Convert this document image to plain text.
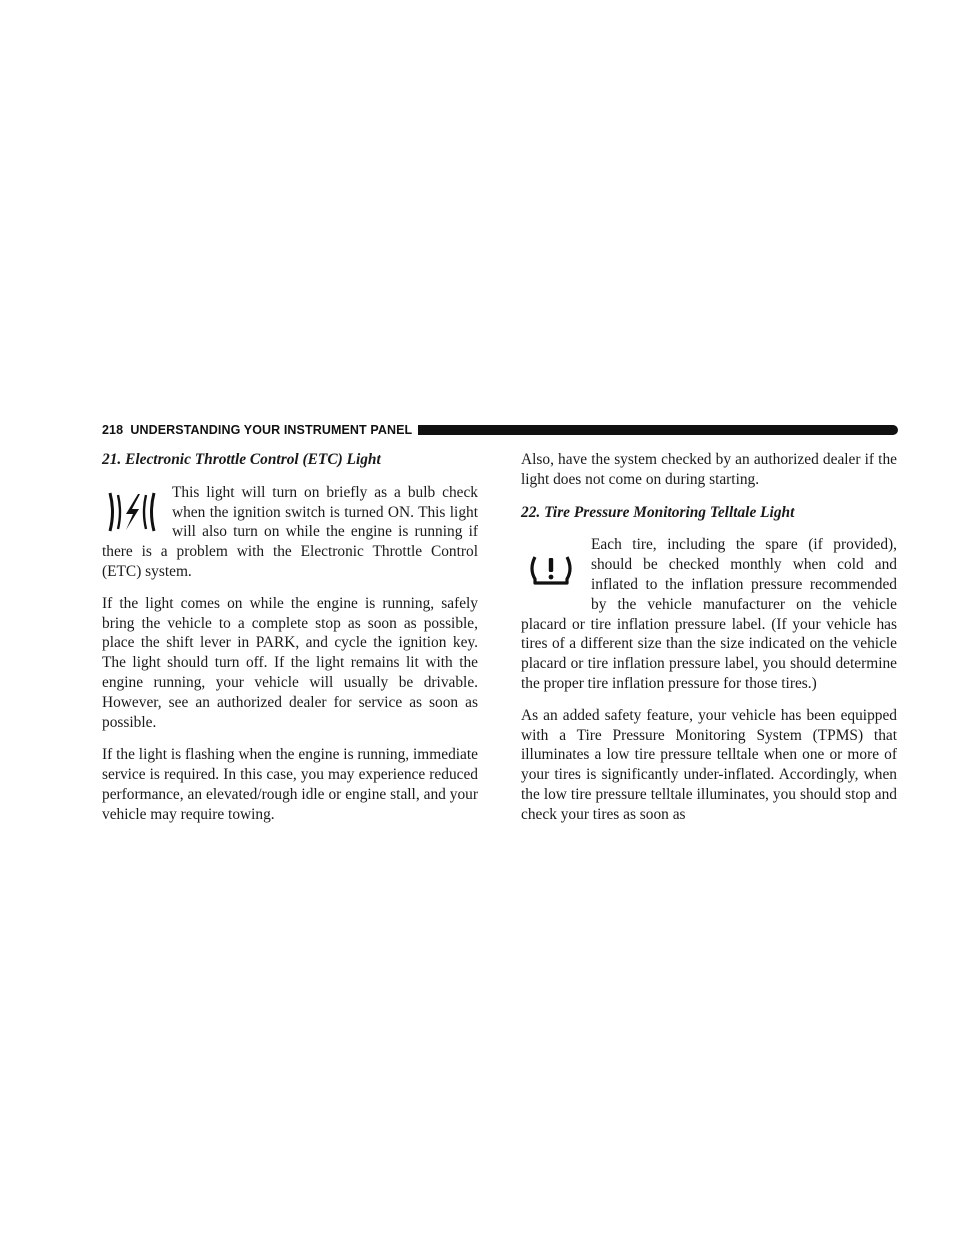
218 UNDERSTANDING YOUR INSTRUMENT PANEL

21. Electronic Throttle Control (ETC) Light

This light will turn on briefly as a bulb check when the ignition switch is turned ON. This light will also turn on while the engine is running if there is a problem with the Electronic Throttle Control (ETC) system.

If the light comes on while the engine is running, safely bring the vehicle to a complete stop as soon as possible, place the shift lever in PARK, and cycle the ignition key. The light should turn off. If the light remains lit with the engine running, your vehicle will usually be drivable. However, see an authorized dealer for service as soon as possible.

If the light is flashing when the engine is running, immediate service is required. In this case, you may experience reduced performance, an elevated/rough idle or engine stall, and your vehicle may require towing.

Also, have the system checked by an authorized dealer if the light does not come on during starting.

22. Tire Pressure Monitoring Telltale Light

Each tire, including the spare (if provided), should be checked monthly when cold and inflated to the inflation pressure recommended by the vehicle manufacturer on the vehicle placard or tire inflation pressure label. (If your vehicle has tires of a different size than the size indicated on the vehicle placard or tire inflation pressure label, you should determine the proper tire inflation pressure for those tires.)

As an added safety feature, your vehicle has been equipped with a Tire Pressure Monitoring System (TPMS) that illuminates a low tire pressure telltale when one or more of your tires is significantly under-inflated. Accordingly, when the low tire pressure telltale illuminates, you should stop and check your tires as soon as
